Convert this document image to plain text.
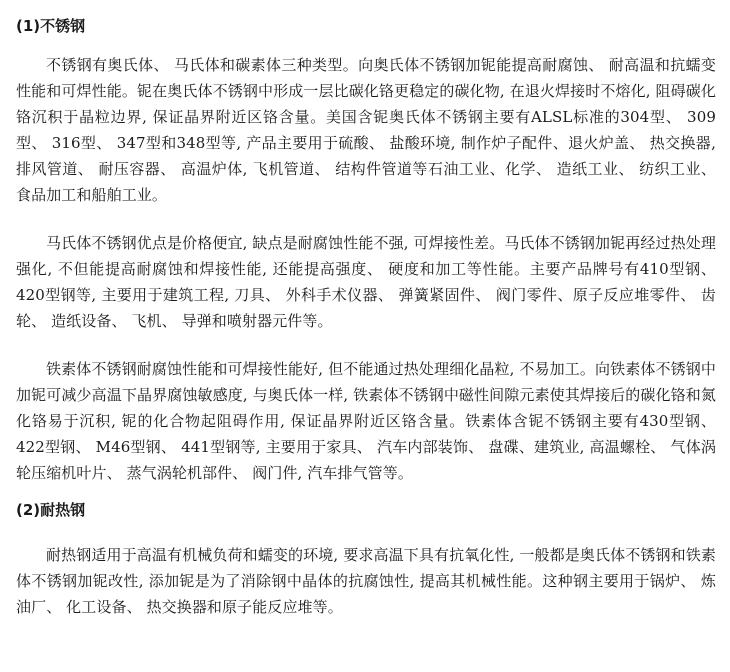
(1)不锈钢

不锈钢有奥氏体、 马氏体和碳素体三种类型。向奥氏体不锈钢加铌能提高耐腐蚀、 耐高温和抗蠕变性能和可焊性能。铌在奥氏体不锈钢中形成一层比碳化铬更稳定的碳化物, 在退火焊接时不熔化, 阻碍碳化铬沉积于晶粒边界, 保证晶界附近区铬含量。美国含铌奥氏体不锈钢主要有ALSL标准的304型、 309型、 316型、 347型和348型等, 产品主要用于硫酸、 盐酸环境, 制作炉子配件、退火炉盖、 热交换器, 排风管道、 耐压容器、 高温炉体, 飞机管道、 结构件管道等石油工业、化学、 造纸工业、 纺织工业、 食品加工和船舶工业。

马氏体不锈钢优点是价格便宜, 缺点是耐腐蚀性能不强, 可焊接性差。马氏体不锈钢加铌再经过热处理强化, 不但能提高耐腐蚀和焊接性能, 还能提高强度、 硬度和加工等性能。主要产品牌号有410型钢、 420型钢等, 主要用于建筑工程, 刀具、 外科手术仪器、 弹簧紧固件、 阀门零件、原子反应堆零件、 齿轮、 造纸设备、 飞机、 导弹和喷射器元件等。

铁素体不锈钢耐腐蚀性能和可焊接性能好, 但不能通过热处理细化晶粒, 不易加工。向铁素体不锈钢中加铌可减少高温下晶界腐蚀敏感度, 与奥氏体一样, 铁素体不锈钢中磁性间隙元素使其焊接后的碳化铬和氮化铬易于沉积, 铌的化合物起阻碍作用, 保证晶界附近区铬含量。铁素体含铌不锈钢主要有430型钢、 422型钢、 M46型钢、 441型钢等, 主要用于家具、 汽车内部装饰、 盘碟、建筑业, 高温螺栓、 气体涡轮压缩机叶片、 蒸气涡轮机部件、 阀门件, 汽车排气管等。

(2)耐热钢

耐热钢适用于高温有机械负荷和蠕变的环境, 要求高温下具有抗氧化性, 一般都是奥氏体不锈钢和铁素体不锈钢加铌改性, 添加铌是为了消除钢中晶体的抗腐蚀性, 提高其机械性能。这种钢主要用于锅炉、 炼油厂、 化工设备、 热交换器和原子能反应堆等。
